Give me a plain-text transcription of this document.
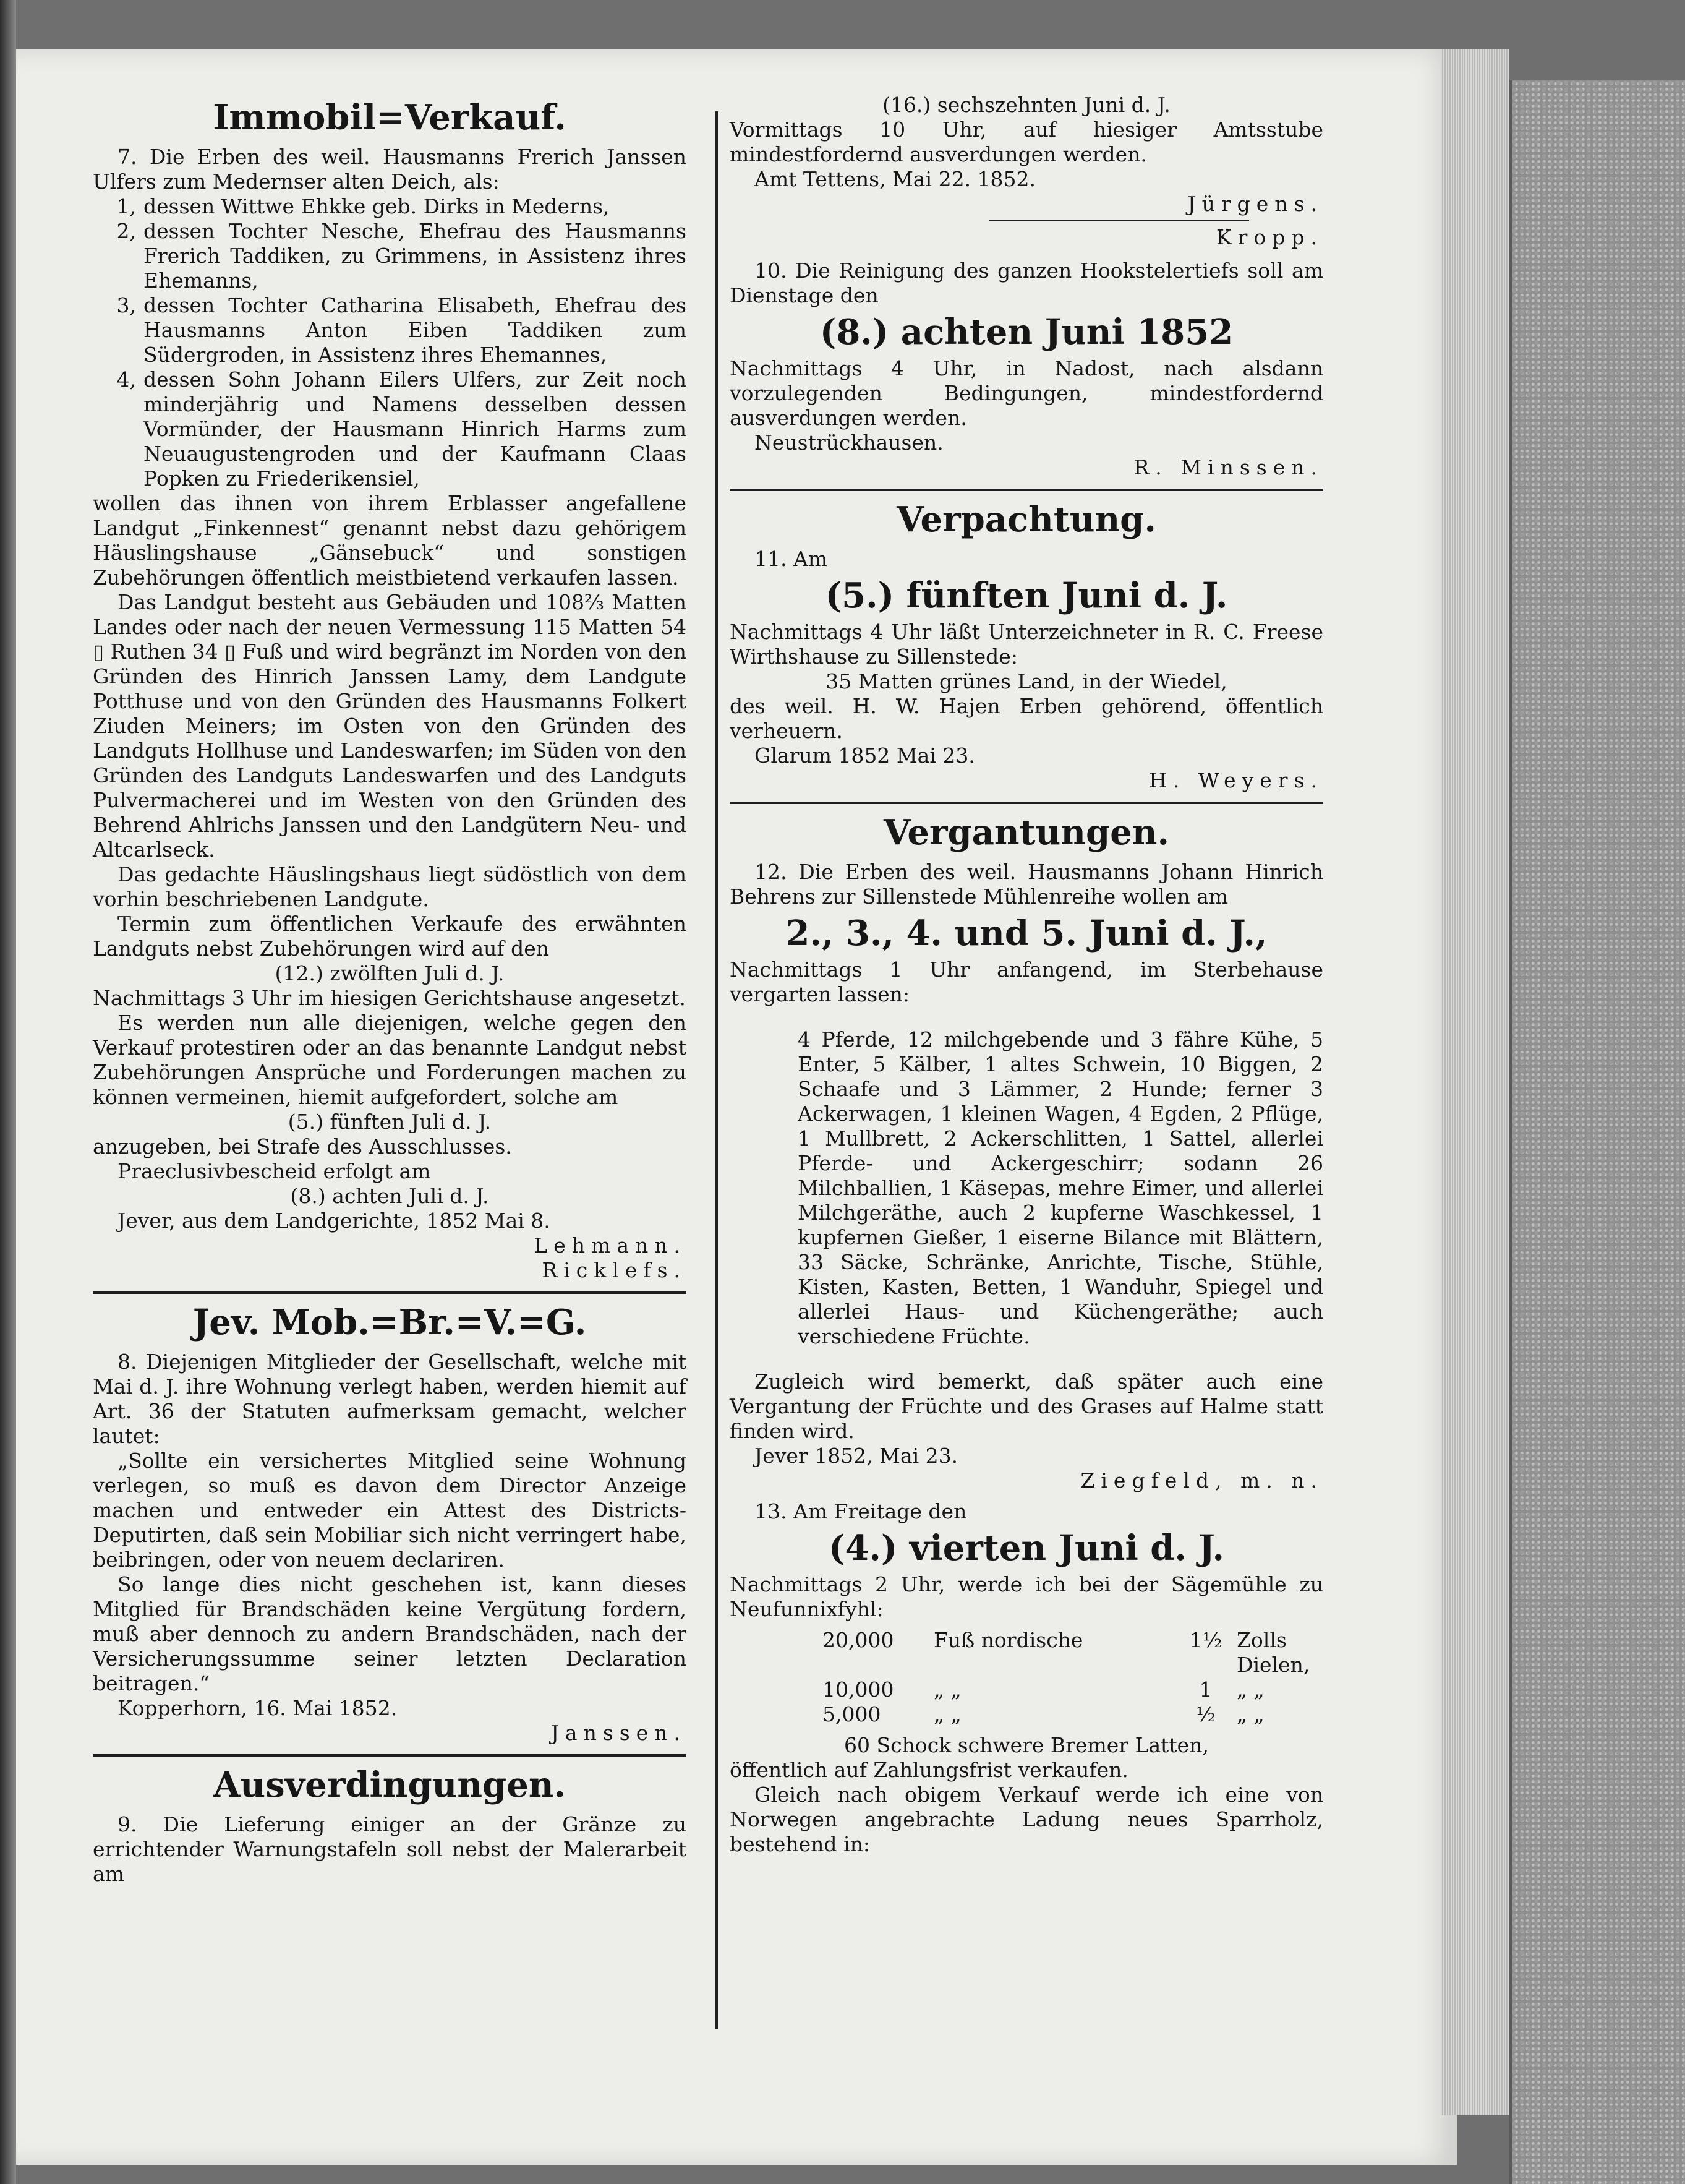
Immobil=Verkauf.

7. Die Erben des weil. Hausmanns Frerich Janssen Ulfers zum Medernser alten Deich, als:

1, dessen Wittwe Ehkke geb. Dirks in Mederns,
2, dessen Tochter Nesche, Ehefrau des Hausmanns Frerich Taddiken, zu Grimmens, in Assistenz ihres Ehemanns,
3, dessen Tochter Catharina Elisabeth, Ehefrau des Hausmanns Anton Eiben Taddiken zum Südergroden, in Assistenz ihres Ehemannes,
4, dessen Sohn Johann Eilers Ulfers, zur Zeit noch minderjährig und Namens desselben dessen Vormünder, der Hausmann Hinrich Harms zum Neuaugustengroden und der Kaufmann Claas Popken zu Friederikensiel,

wollen das ihnen von ihrem Erblasser angefallene Landgut „Finkennest“ genannt nebst dazu gehörigem Häuslingshause „Gänsebuck“ und sonstigen Zubehörungen öffentlich meistbietend verkaufen lassen.

Das Landgut besteht aus Gebäuden und 108⅔ Matten Landes oder nach der neuen Vermessung 115 Matten 54 ▯ Ruthen 34 ▯ Fuß und wird begränzt im Norden von den Gründen des Hinrich Janssen Lamy, dem Landgute Potthuse und von den Gründen des Hausmanns Folkert Ziuden Meiners; im Osten von den Gründen des Landguts Hollhuse und Landeswarfen; im Süden von den Gründen des Landguts Landeswarfen und des Landguts Pulvermacherei und im Westen von den Gründen des Behrend Ahlrichs Janssen und den Landgütern Neu- und Altcarlseck.

Das gedachte Häuslingshaus liegt südöstlich von dem vorhin beschriebenen Landgute.

Termin zum öffentlichen Verkaufe des erwähnten Landguts nebst Zubehörungen wird auf den

(12.) zwölften Juli d. J.

Nachmittags 3 Uhr im hiesigen Gerichtshause angesetzt.

Es werden nun alle diejenigen, welche gegen den Verkauf protestiren oder an das benannte Landgut nebst Zubehörungen Ansprüche und Forderungen machen zu können vermeinen, hiemit aufgefordert, solche am

(5.) fünften Juli d. J.

anzugeben, bei Strafe des Ausschlusses.

Praeclusivbescheid erfolgt am

(8.) achten Juli d. J.

Jever, aus dem Landgerichte, 1852 Mai 8.

Lehmann.

Ricklefs.

Jev. Mob.=Br.=V.=G.

8. Diejenigen Mitglieder der Gesellschaft, welche mit Mai d. J. ihre Wohnung verlegt haben, werden hiemit auf Art. 36 der Statuten aufmerksam gemacht, welcher lautet:

„Sollte ein versichertes Mitglied seine Wohnung verlegen, so muß es davon dem Director Anzeige machen und entweder ein Attest des Districts-Deputirten, daß sein Mobiliar sich nicht verringert habe, beibringen, oder von neuem declariren.

So lange dies nicht geschehen ist, kann dieses Mitglied für Brandschäden keine Vergütung fordern, muß aber dennoch zu andern Brandschäden, nach der Versicherungssumme seiner letzten Declaration beitragen.“

Kopperhorn, 16. Mai 1852.

Janssen.

Ausverdingungen.

9. Die Lieferung einiger an der Gränze zu errichtender Warnungstafeln soll nebst der Malerarbeit am

(16.) sechszehnten Juni d. J.

Vormittags 10 Uhr, auf hiesiger Amtsstube mindestfordernd ausverdungen werden.

Amt Tettens, Mai 22. 1852.

Jürgens.

Kropp.

10. Die Reinigung des ganzen Hookstelertiefs soll am Dienstage den

(8.) achten Juni 1852

Nachmittags 4 Uhr, in Nadost, nach alsdann vorzulegenden Bedingungen, mindestfordernd ausverdungen werden.

Neustrückhausen.

R. Minssen.

Verpachtung.

11. Am

(5.) fünften Juni d. J.

Nachmittags 4 Uhr läßt Unterzeichneter in R. C. Freese Wirthshause zu Sillenstede:

35 Matten grünes Land, in der Wiedel,

des weil. H. W. Hajen Erben gehörend, öffentlich verheuern.

Glarum 1852 Mai 23.

H. Weyers.

Vergantungen.

12. Die Erben des weil. Hausmanns Johann Hinrich Behrens zur Sillenstede Mühlenreihe wollen am

2., 3., 4. und 5. Juni d. J.,

Nachmittags 1 Uhr anfangend, im Sterbehause vergarten lassen:

4 Pferde, 12 milchgebende und 3 fähre Kühe, 5 Enter, 5 Kälber, 1 altes Schwein, 10 Biggen, 2 Schaafe und 3 Lämmer, 2 Hunde; ferner 3 Ackerwagen, 1 kleinen Wagen, 4 Egden, 2 Pflüge, 1 Mullbrett, 2 Ackerschlitten, 1 Sattel, allerlei Pferde- und Ackergeschirr; sodann 26 Milchballien, 1 Käsepas, mehre Eimer, und allerlei Milchgeräthe, auch 2 kupferne Waschkessel, 1 kupfernen Gießer, 1 eiserne Bilance mit Blättern, 33 Säcke, Schränke, Anrichte, Tische, Stühle, Kisten, Kasten, Betten, 1 Wanduhr, Spiegel und allerlei Haus- und Küchengeräthe; auch verschiedene Früchte.

Zugleich wird bemerkt, daß später auch eine Vergantung der Früchte und des Grases auf Halme statt finden wird.

Jever 1852, Mai 23.

Ziegfeld, m. n.

13. Am Freitage den

(4.) vierten Juni d. J.

Nachmittags 2 Uhr, werde ich bei der Sägemühle zu Neufunnixfyhl:

20,000	Fuß nordische	1½ Zolls Dielen,
10,000	„ „	1	„ „
5,000	„ „	½	„ „

60 Schock schwere Bremer Latten,

öffentlich auf Zahlungsfrist verkaufen.

Gleich nach obigem Verkauf werde ich eine von Norwegen angebrachte Ladung neues Sparrholz, bestehend in:
